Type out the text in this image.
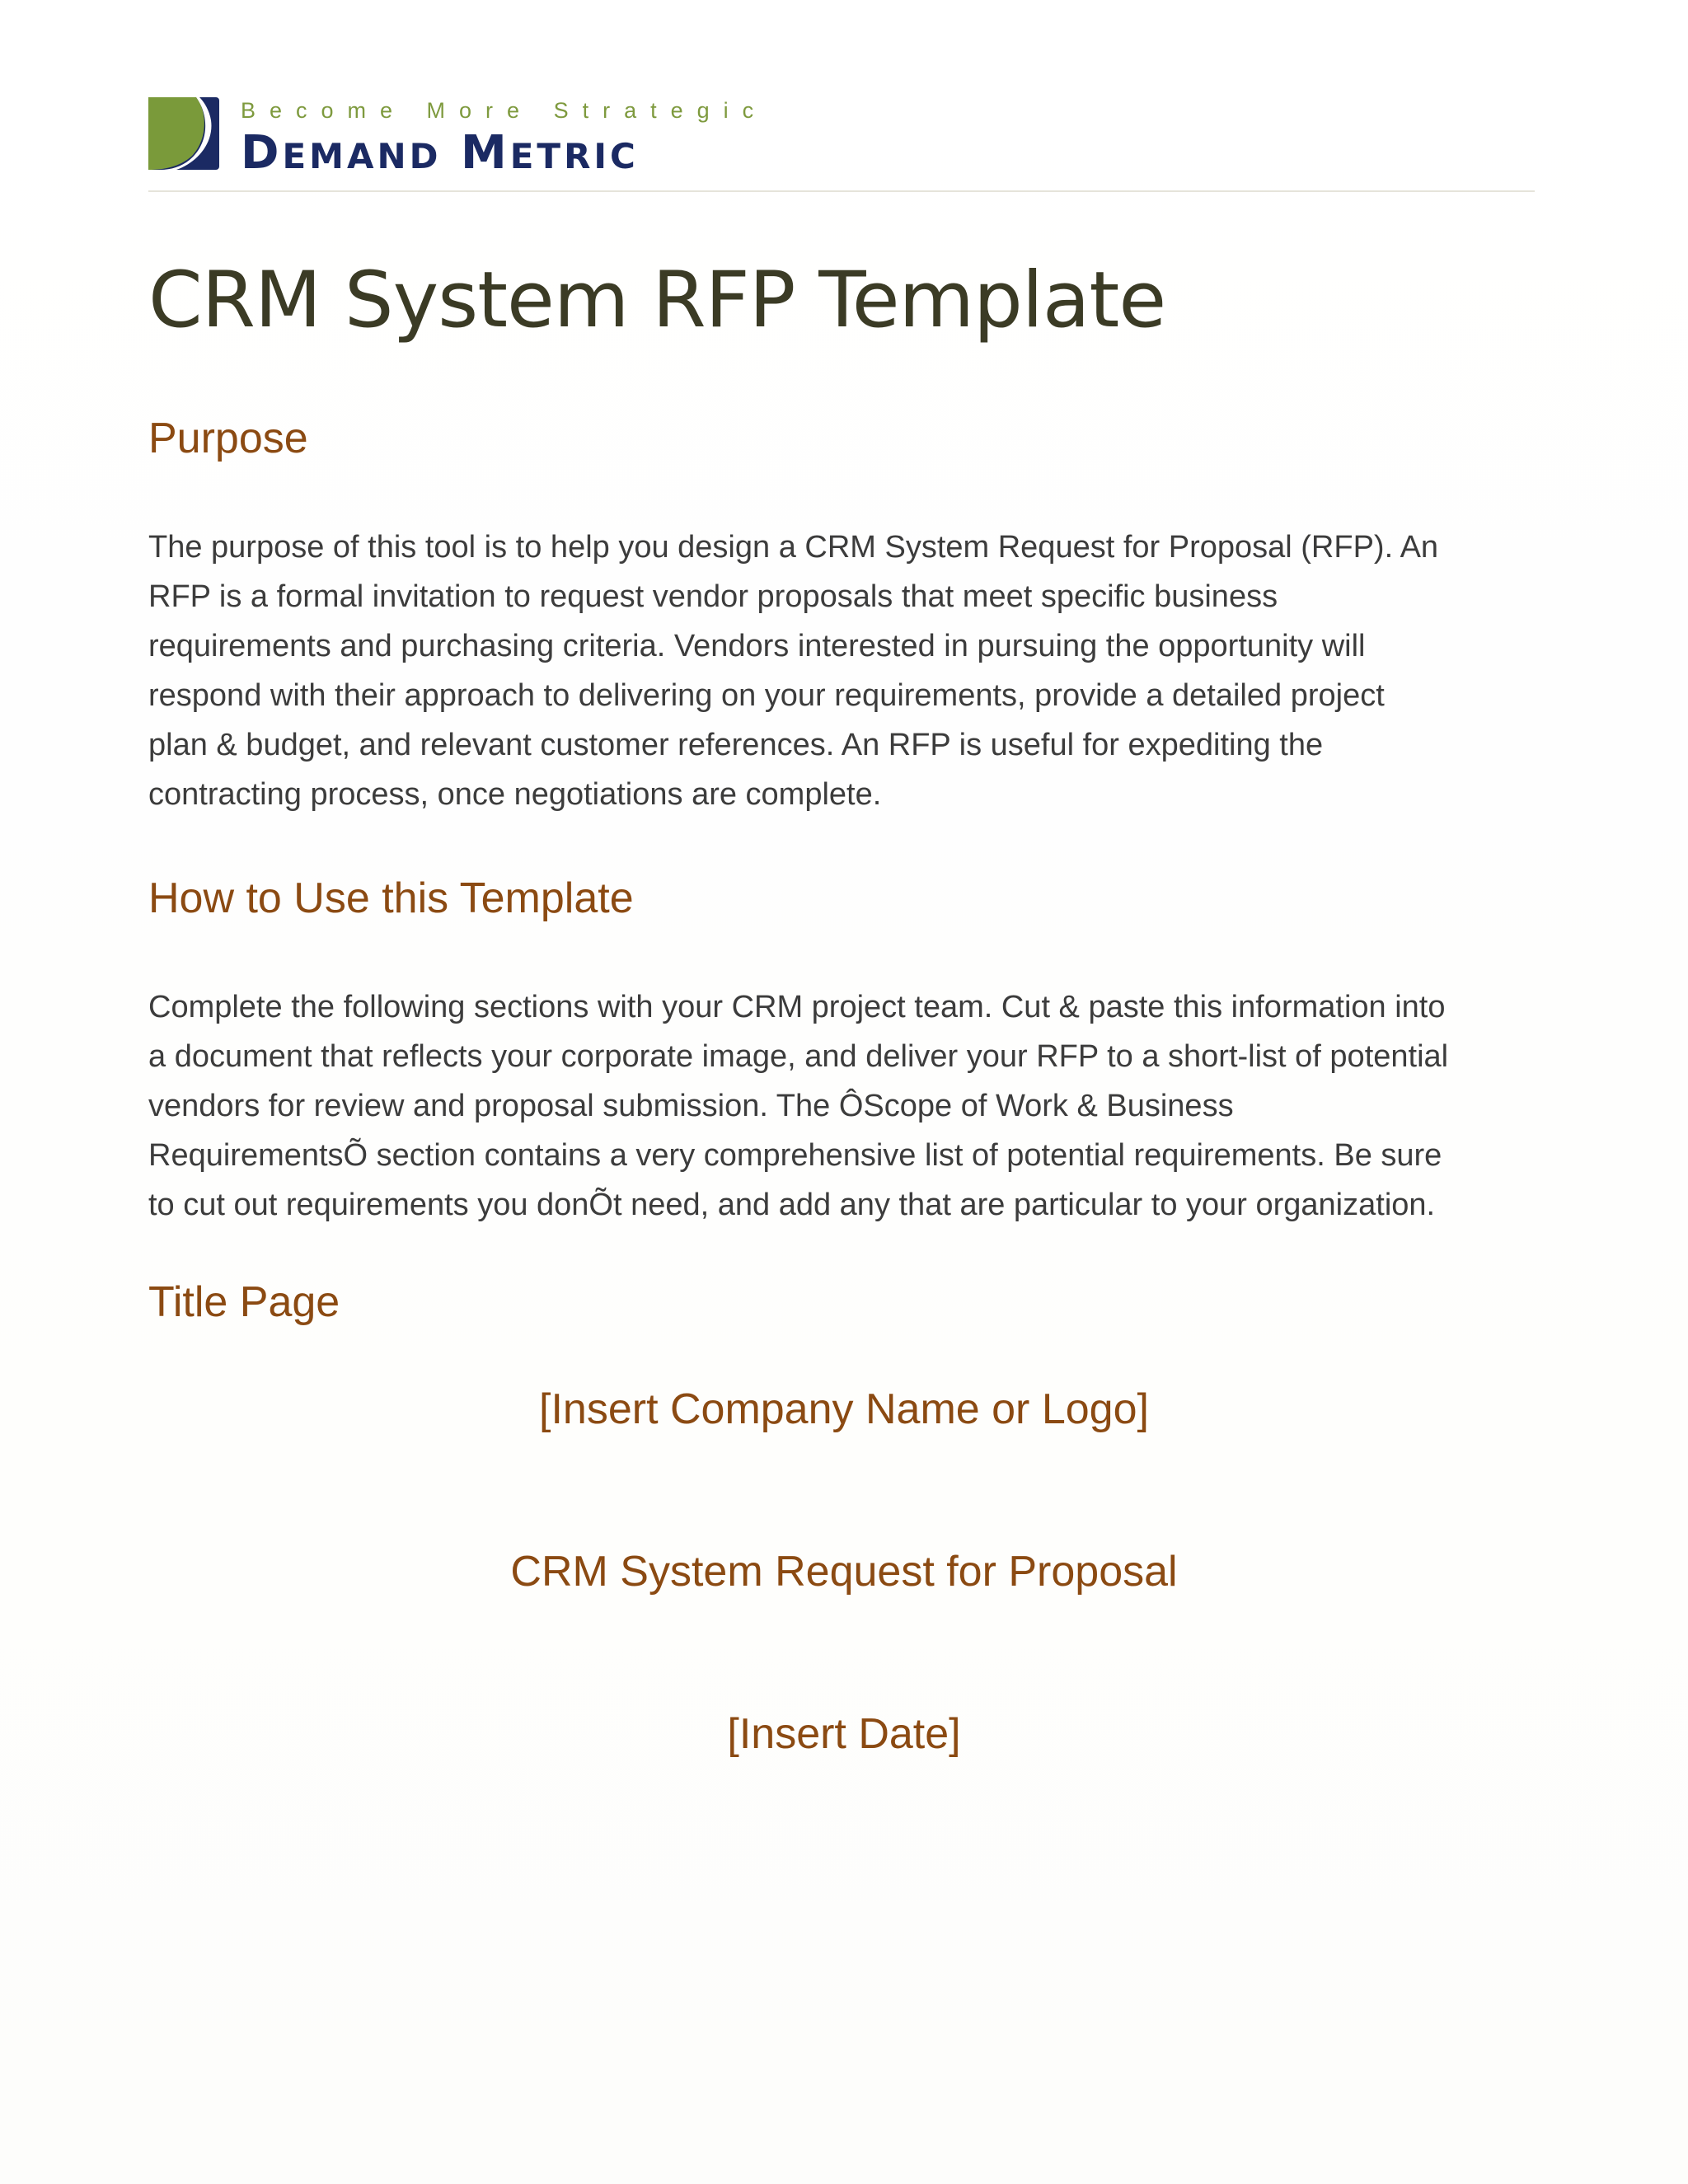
Become More Strategic
DEMAND METRIC
CRM System RFP Template
Purpose
The purpose of this tool is to help you design a CRM System Request for Proposal (RFP). An
RFP is a formal invitation to request vendor proposals that meet specific business
requirements and purchasing criteria. Vendors interested in pursuing the opportunity will
respond with their approach to delivering on your requirements, provide a detailed project
plan & budget, and relevant customer references. An RFP is useful for expediting the
contracting process, once negotiations are complete.
How to Use this Template
Complete the following sections with your CRM project team. Cut & paste this information into
a document that reflects your corporate image, and deliver your RFP to a short-list of potential
vendors for review and proposal submission. The ÔScope of Work & Business
RequirementsÕ section contains a very comprehensive list of potential requirements. Be sure
to cut out requirements you donÕt need, and add any that are particular to your organization.
Title Page
[Insert Company Name or Logo]
CRM System Request for Proposal
[Insert Date]
